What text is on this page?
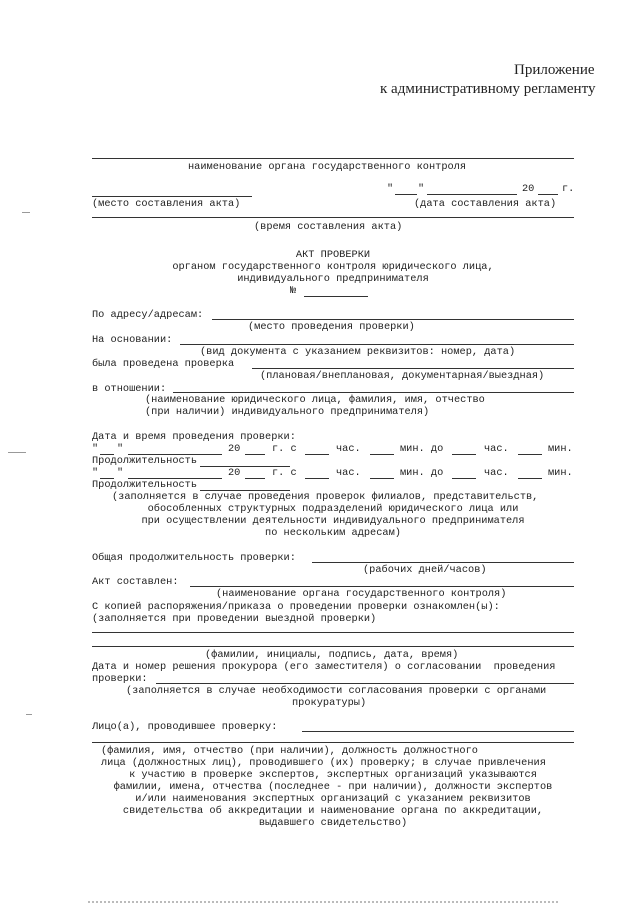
Приложение
к административному регламенту
наименование органа государственного контроля
" "	20	г.
(место составления акта)	(дата составления акта)
(время составления акта)
АКТ ПРОВЕРКИ
органом государственного контроля юридического лица,
индивидуального предпринимателя
№
По адресу/адресам:
(место проведения проверки)
На основании:
(вид документа с указанием реквизитов: номер, дата)
была проведена проверка
(плановая/внеплановая, документарная/выездная)
в отношении:
(наименование юридического лица, фамилия, имя, отчество
(при наличии) индивидуального предпринимателя)
Дата и время проведения проверки:
" "	20	г. с	час.	мин. до	час.	мин.
Продолжительность
" "	20	г. с	час.	мин. до	час.	мин.
Продолжительность
(заполняется в случае проведения проверок филиалов, представительств,
обособленных структурных подразделений юридического лица или
при осуществлении деятельности индивидуального предпринимателя
по нескольким адресам)
Общая продолжительность проверки:
(рабочих дней/часов)
Акт составлен:
(наименование органа государственного контроля)
С копией распоряжения/приказа о проведении проверки ознакомлен(ы):
(заполняется при проведении выездной проверки)
(фамилии, инициалы, подпись, дата, время)
Дата и номер решения прокурора (его заместителя) о согласовании  проведения
проверки:
(заполняется в случае необходимости согласования проверки с органами
прокуратуры)
Лицо(а), проводившее проверку:
(фамилия, имя, отчество (при наличии), должность должностного
лица (должностных лиц), проводившего (их) проверку; в случае привлечения
к участию в проверке экспертов, экспертных организаций указываются
фамилии, имена, отчества (последнее - при наличии), должности экспертов
и/или наименования экспертных организаций с указанием реквизитов
свидетельства об аккредитации и наименование органа по аккредитации,
выдавшего свидетельство)
